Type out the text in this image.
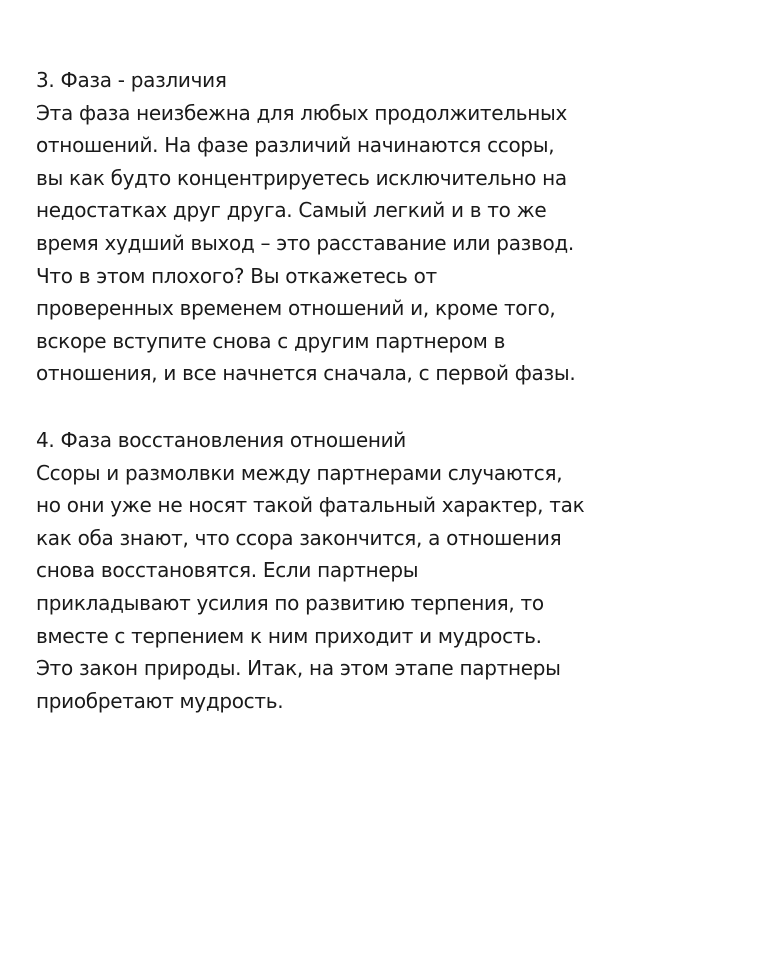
3. Фаза - различия
Эта фаза неизбежна для любых продолжительных
отношений. На фазе различий начинаются ссоры,
вы как будто концентрируетесь исключительно на
недостатках друг друга. Самый легкий и в то же
время худший выход – это расставание или развод.
Что в этом плохого? Вы откажетесь от
проверенных временем отношений и, кроме того,
вскоре вступите снова с другим партнером в
отношения, и все начнется сначала, с первой фазы.
4. Фаза восстановления отношений
Ссоры и размолвки между партнерами случаются,
но они уже не носят такой фатальный характер, так
как оба знают, что ссора закончится, а отношения
снова восстановятся. Если партнеры
прикладывают усилия по развитию терпения, то
вместе с терпением к ним приходит и мудрость.
Это закон природы. Итак, на этом этапе партнеры
приобретают мудрость.
